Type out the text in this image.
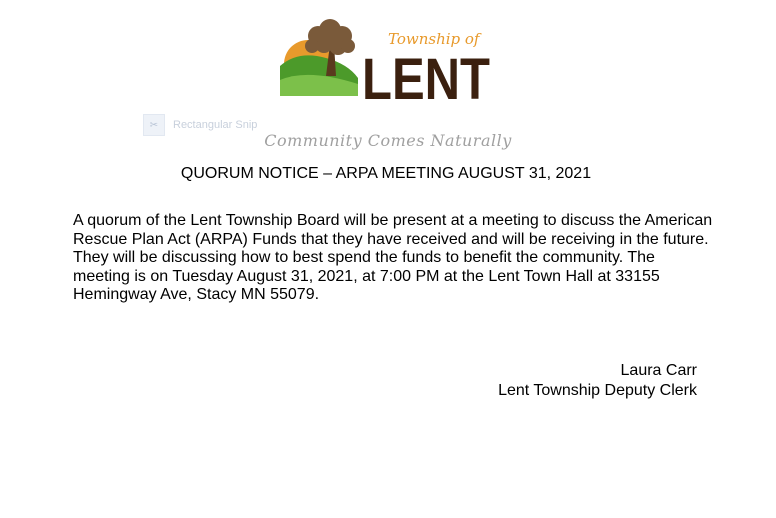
Township of
LENT
✂	Rectangular Snip
Community Comes Naturally
QUORUM NOTICE – ARPA MEETING AUGUST 31, 2021
A quorum of the Lent Township Board will be present at a meeting to discuss the American Rescue Plan Act (ARPA) Funds that they have received and will be receiving in the future. They will be discussing how to best spend the funds to benefit the community. The meeting is on Tuesday August 31, 2021, at 7:00 PM at the Lent Town Hall at 33155 Hemingway Ave, Stacy MN 55079.
Laura Carr
Lent Township Deputy Clerk
